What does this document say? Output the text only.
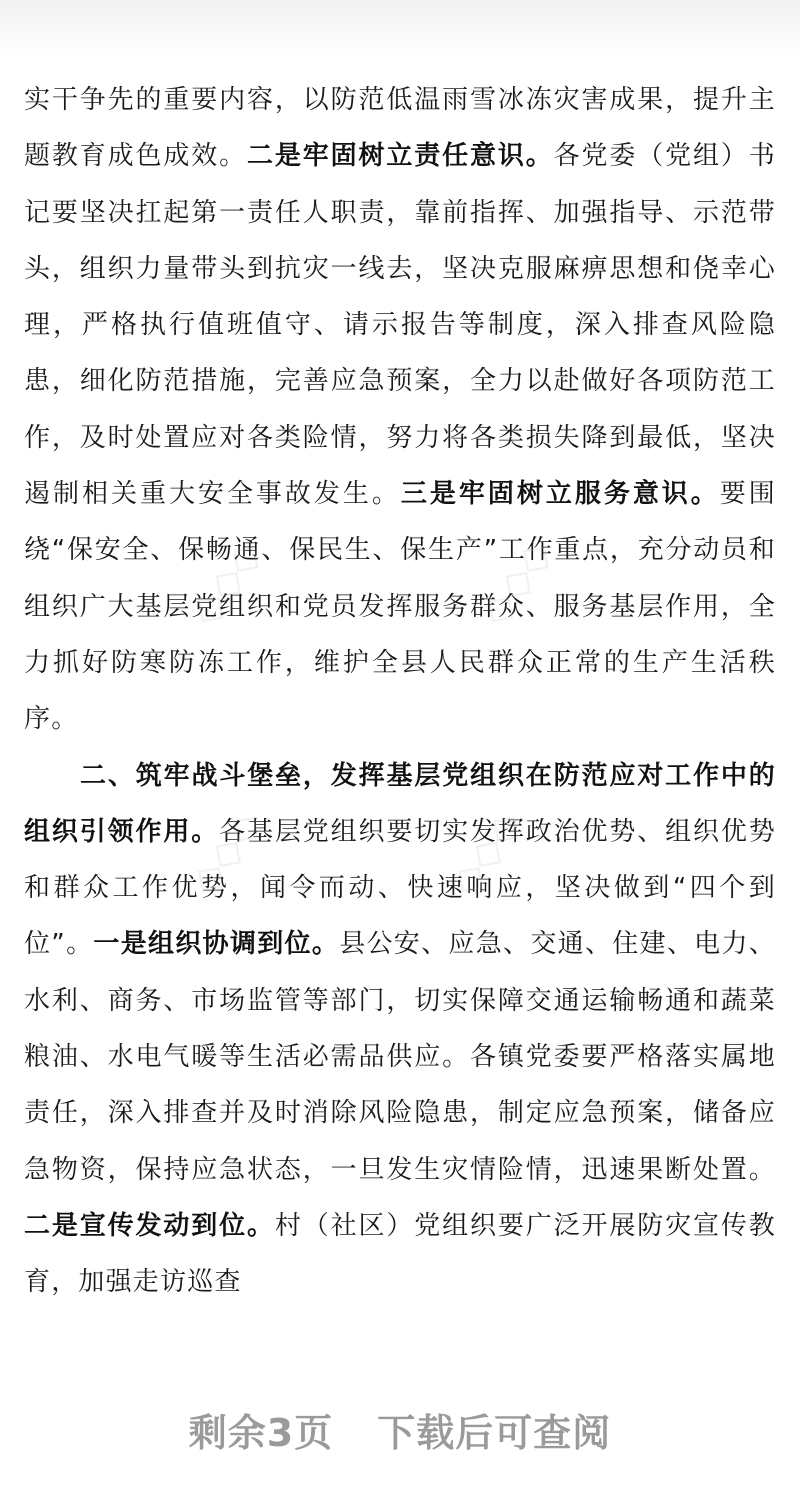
实干争先的重要内容，以防范低温雨雪冰冻灾害成果，提升主题教育成色成效。二是牢固树立责任意识。各党委（党组）书记要坚决扛起第一责任人职责，靠前指挥、加强指导、示范带头，组织力量带头到抗灾一线去，坚决克服麻痹思想和侥幸心理，严格执行值班值守、请示报告等制度，深入排查风险隐患，细化防范措施，完善应急预案，全力以赴做好各项防范工作，及时处置应对各类险情，努力将各类损失降到最低，坚决遏制相关重大安全事故发生。三是牢固树立服务意识。要围绕“保安全、保畅通、保民生、保生产”工作重点，充分动员和组织广大基层党组织和党员发挥服务群众、服务基层作用，全力抓好防寒防冻工作，维护全县人民群众正常的生产生活秩序。

二、筑牢战斗堡垒，发挥基层党组织在防范应对工作中的组织引领作用。各基层党组织要切实发挥政治优势、组织优势和群众工作优势，闻令而动、快速响应，坚决做到“四个到位”。一是组织协调到位。县公安、应急、交通、住建、电力、水利、商务、市场监管等部门，切实保障交通运输畅通和蔬菜粮油、水电气暖等生活必需品供应。各镇党委要严格落实属地责任，深入排查并及时消除风险隐患，制定应急预案，储备应急物资，保持应急状态，一旦发生灾情险情，迅速果断处置。二是宣传发动到位。村（社区）党组织要广泛开展防灾宣传教育，加强走访巡查

◇◇◇	◇◇◇
◇◇◇	◇◇◇
剩余3页 下载后可查阅
